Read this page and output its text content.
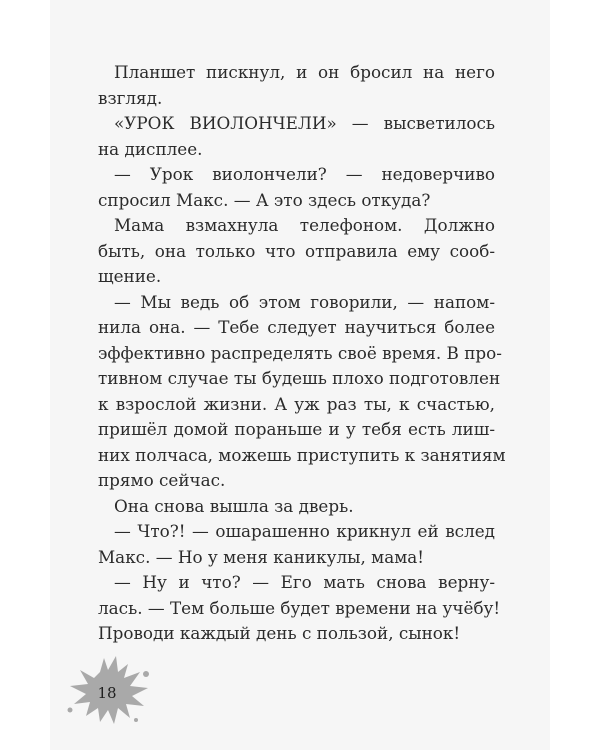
Планшет пискнул, и он бросил на него
взгляд.
«УРОК ВИОЛОНЧЕЛИ» — высветилось
на дисплее.
— Урок виолончели? — недоверчиво
спросил Макс. — А это здесь откуда?
Мама взмахнула телефоном. Должно
быть, она только что отправила ему сооб-
щение.
— Мы ведь об этом говорили, — напом-
нила она. — Тебе следует научиться более
эффективно распределять своё время. В про-
тивном случае ты будешь плохо подготовлен
к взрослой жизни. А уж раз ты, к счастью,
пришёл домой пораньше и у тебя есть лиш-
них полчаса, можешь приступить к занятиям
прямо сейчас.
Она снова вышла за дверь.
— Что?! — ошарашенно крикнул ей вслед
Макс. — Но у меня каникулы, мама!
— Ну и что? — Его мать снова верну-
лась. — Тем больше будет времени на учёбу!
Проводи каждый день с пользой, сынок!
18
